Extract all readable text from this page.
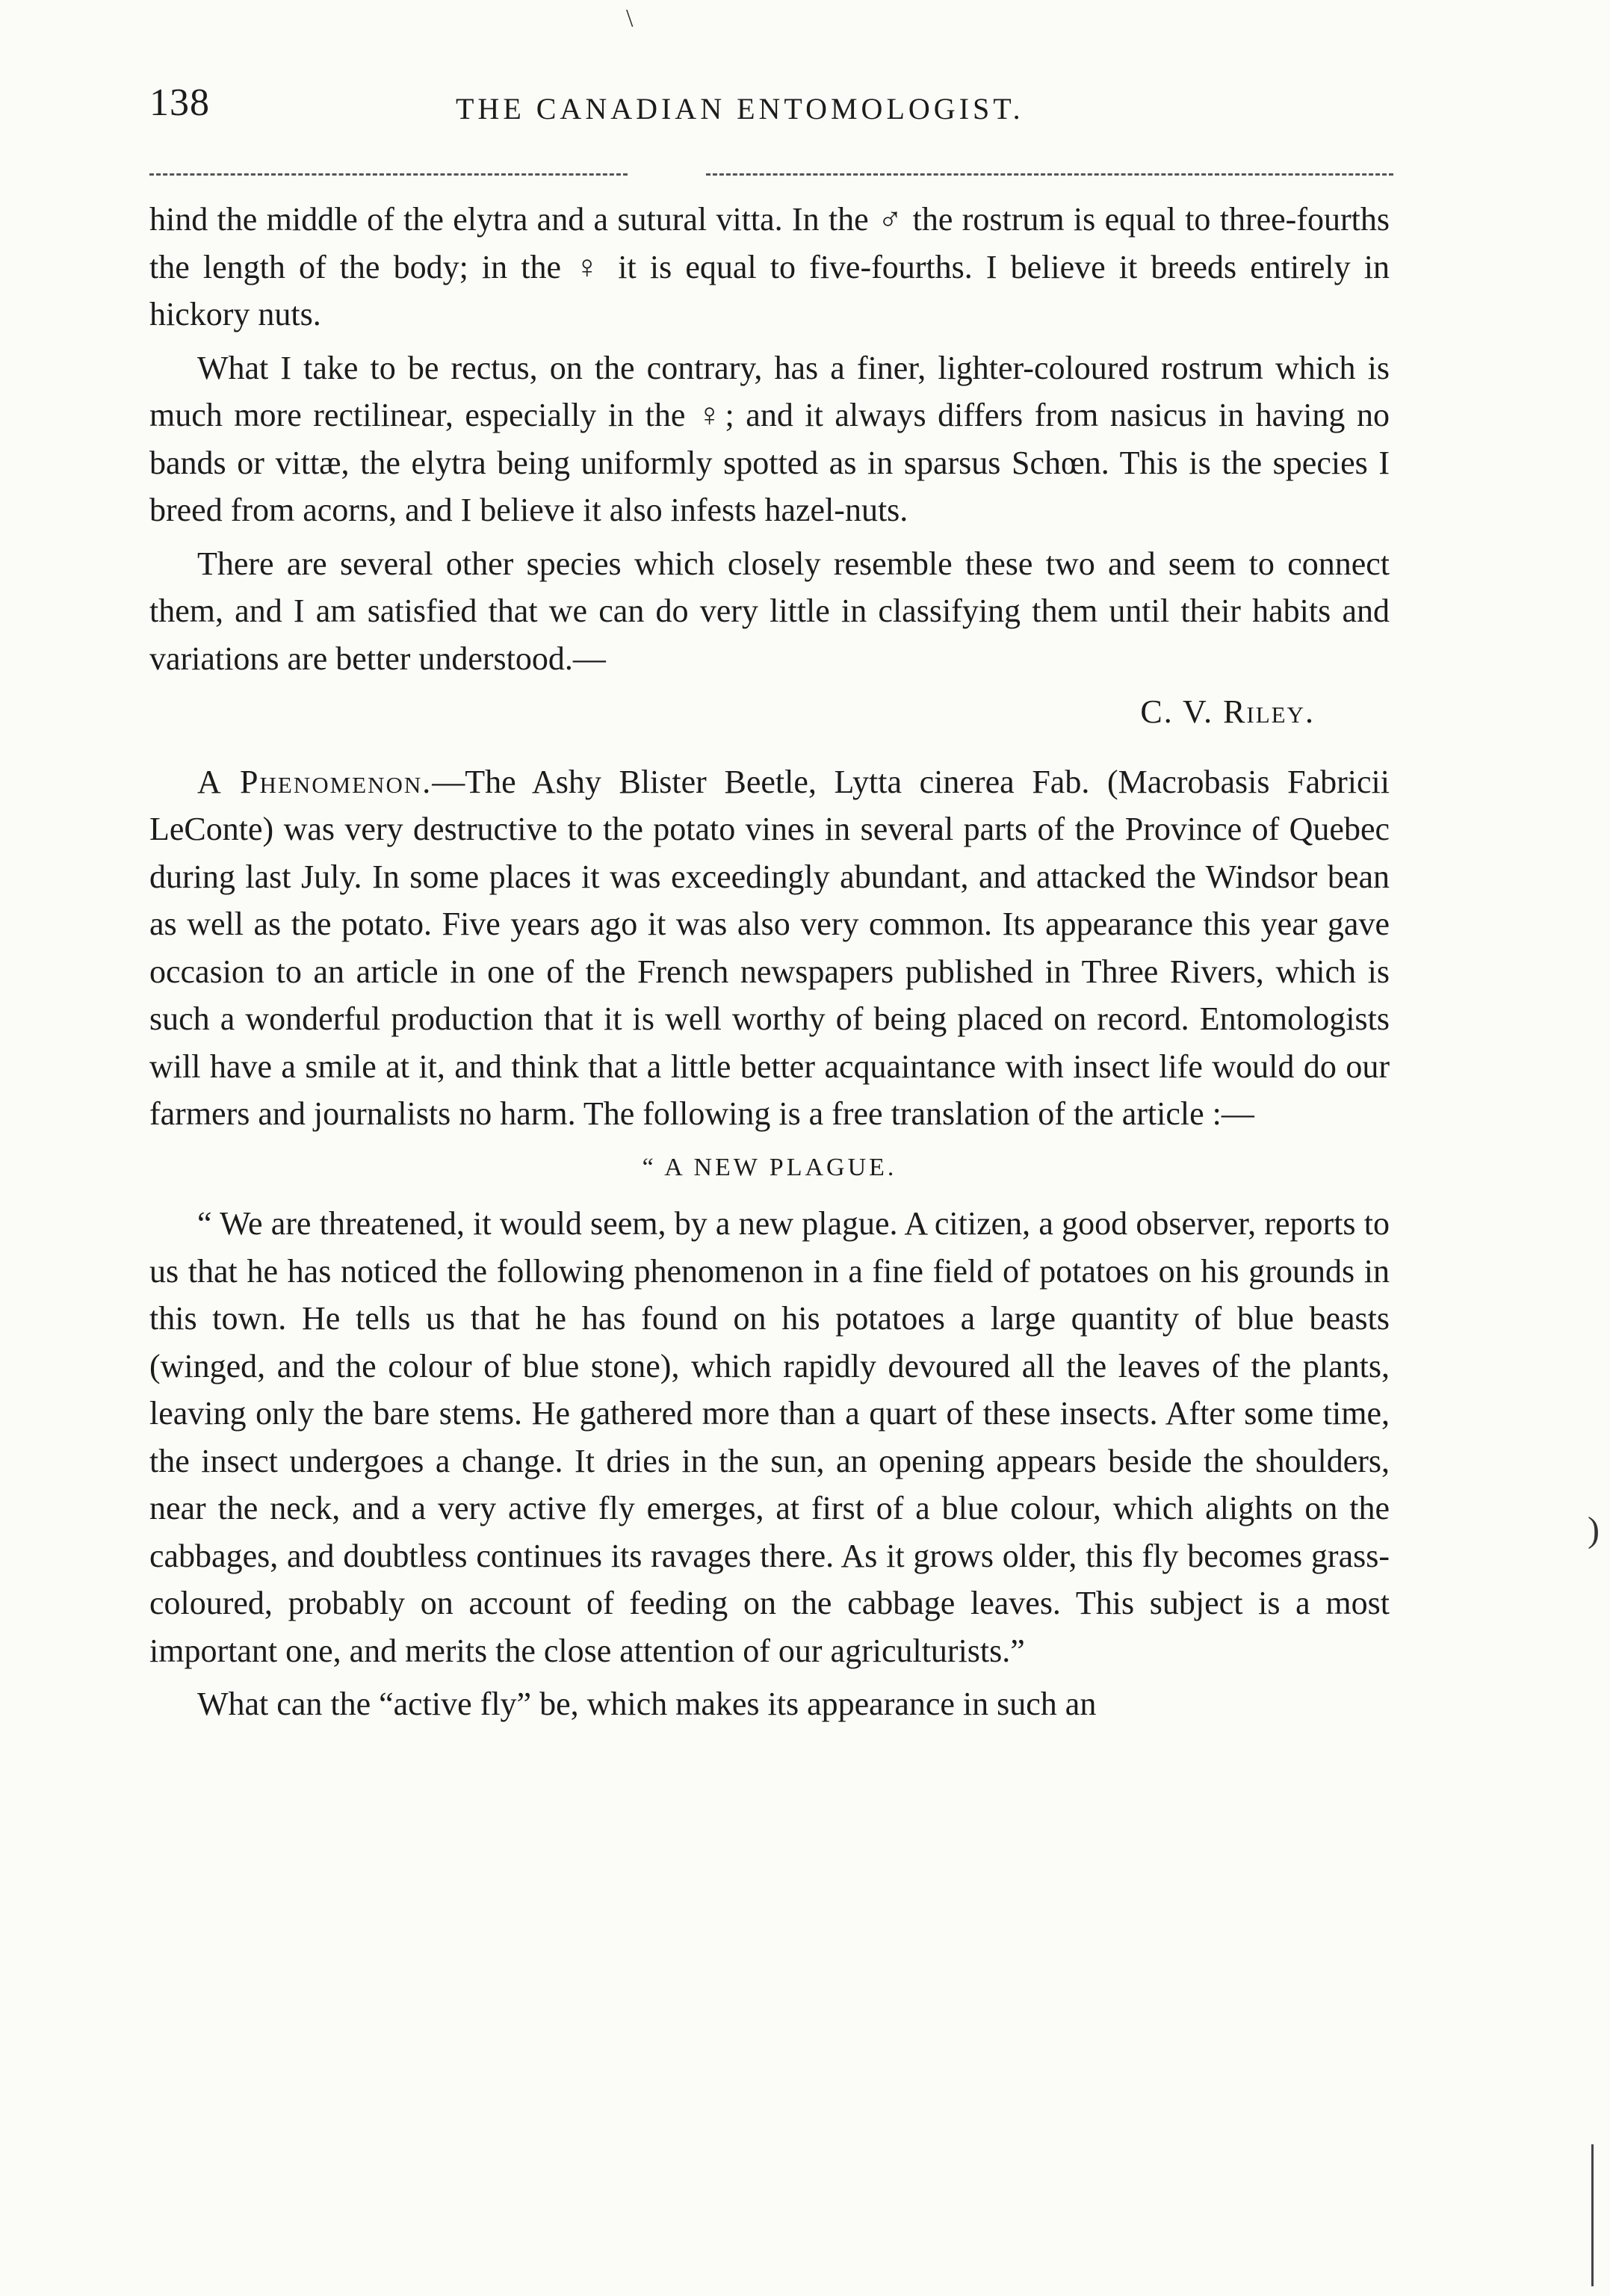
\
138	THE CANADIAN ENTOMOLOGIST.

hind the middle of the elytra and a sutural vitta. In the ♂ the rostrum is equal to three-fourths the length of the body; in the ♀ it is equal to five-fourths. I believe it breeds entirely in hickory nuts.

What I take to be rectus, on the contrary, has a finer, lighter-coloured rostrum which is much more rectilinear, especially in the ♀; and it always differs from nasicus in having no bands or vittæ, the elytra being uniformly spotted as in sparsus Schœn. This is the species I breed from acorns, and I believe it also infests hazel-nuts.

There are several other species which closely resemble these two and seem to connect them, and I am satisfied that we can do very little in classifying them until their habits and variations are better understood.—

C. V. Riley.

A Phenomenon.—The Ashy Blister Beetle, Lytta cinerea Fab. (Macrobasis Fabricii LeConte) was very destructive to the potato vines in several parts of the Province of Quebec during last July. In some places it was exceedingly abundant, and attacked the Windsor bean as well as the potato. Five years ago it was also very common. Its appearance this year gave occasion to an article in one of the French newspapers published in Three Rivers, which is such a wonderful production that it is well worthy of being placed on record. Entomologists will have a smile at it, and think that a little better acquaintance with insect life would do our farmers and journalists no harm. The following is a free translation of the article :—

“ A NEW PLAGUE.

“ We are threatened, it would seem, by a new plague. A citizen, a good observer, reports to us that he has noticed the following phenomenon in a fine field of potatoes on his grounds in this town. He tells us that he has found on his potatoes a large quantity of blue beasts (winged, and the colour of blue stone), which rapidly devoured all the leaves of the plants, leaving only the bare stems. He gathered more than a quart of these insects. After some time, the insect undergoes a change. It dries in the sun, an opening appears beside the shoulders, near the neck, and a very active fly emerges, at first of a blue colour, which alights on the cabbages, and doubtless continues its ravages there. As it grows older, this fly becomes grass-coloured, probably on account of feeding on the cabbage leaves. This subject is a most important one, and merits the close attention of our agriculturists.”

What can the “active fly” be, which makes its appearance in such an

)
